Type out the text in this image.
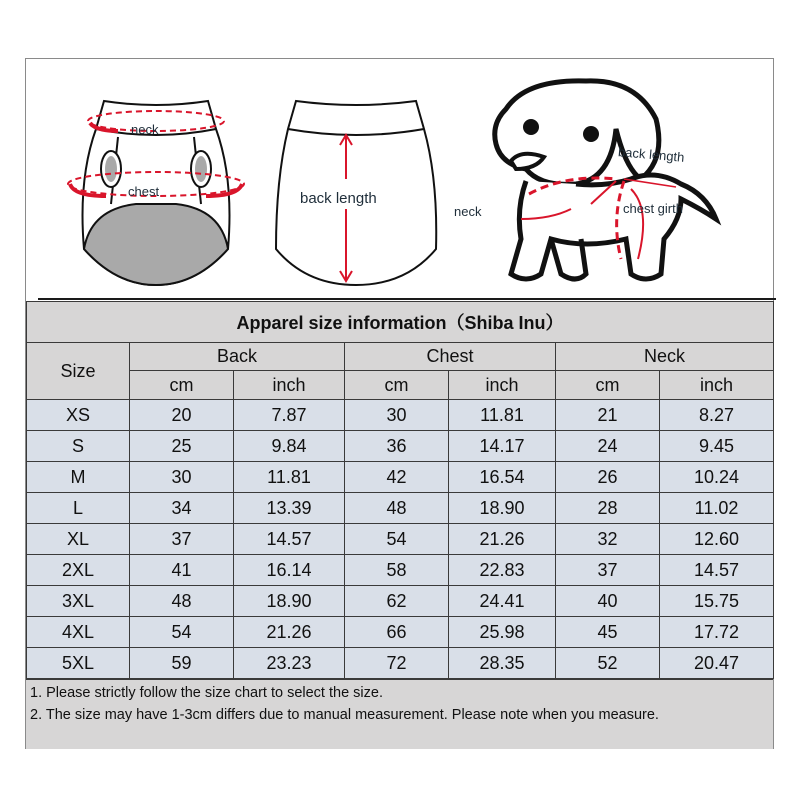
neck
chest	back length
back length
neck	chest girth
Apparel size information（Shiba Inu）						
Size	Back		Chest		Neck	
	cm	inch	cm	inch	cm	inch
XS	20	7.87	30	11.81	21	8.27
S	25	9.84	36	14.17	24	9.45
M	30	11.81	42	16.54	26	10.24
L	34	13.39	48	18.90	28	11.02
XL	37	14.57	54	21.26	32	12.60
2XL	41	16.14	58	22.83	37	14.57
3XL	48	18.90	62	24.41	40	15.75
4XL	54	21.26	66	25.98	45	17.72
5XL	59	23.23	72	28.35	52	20.47
1. Please strictly follow the size chart to select the size.
2. The size may have 1-3cm differs due to manual measurement. Please note when you measure.
